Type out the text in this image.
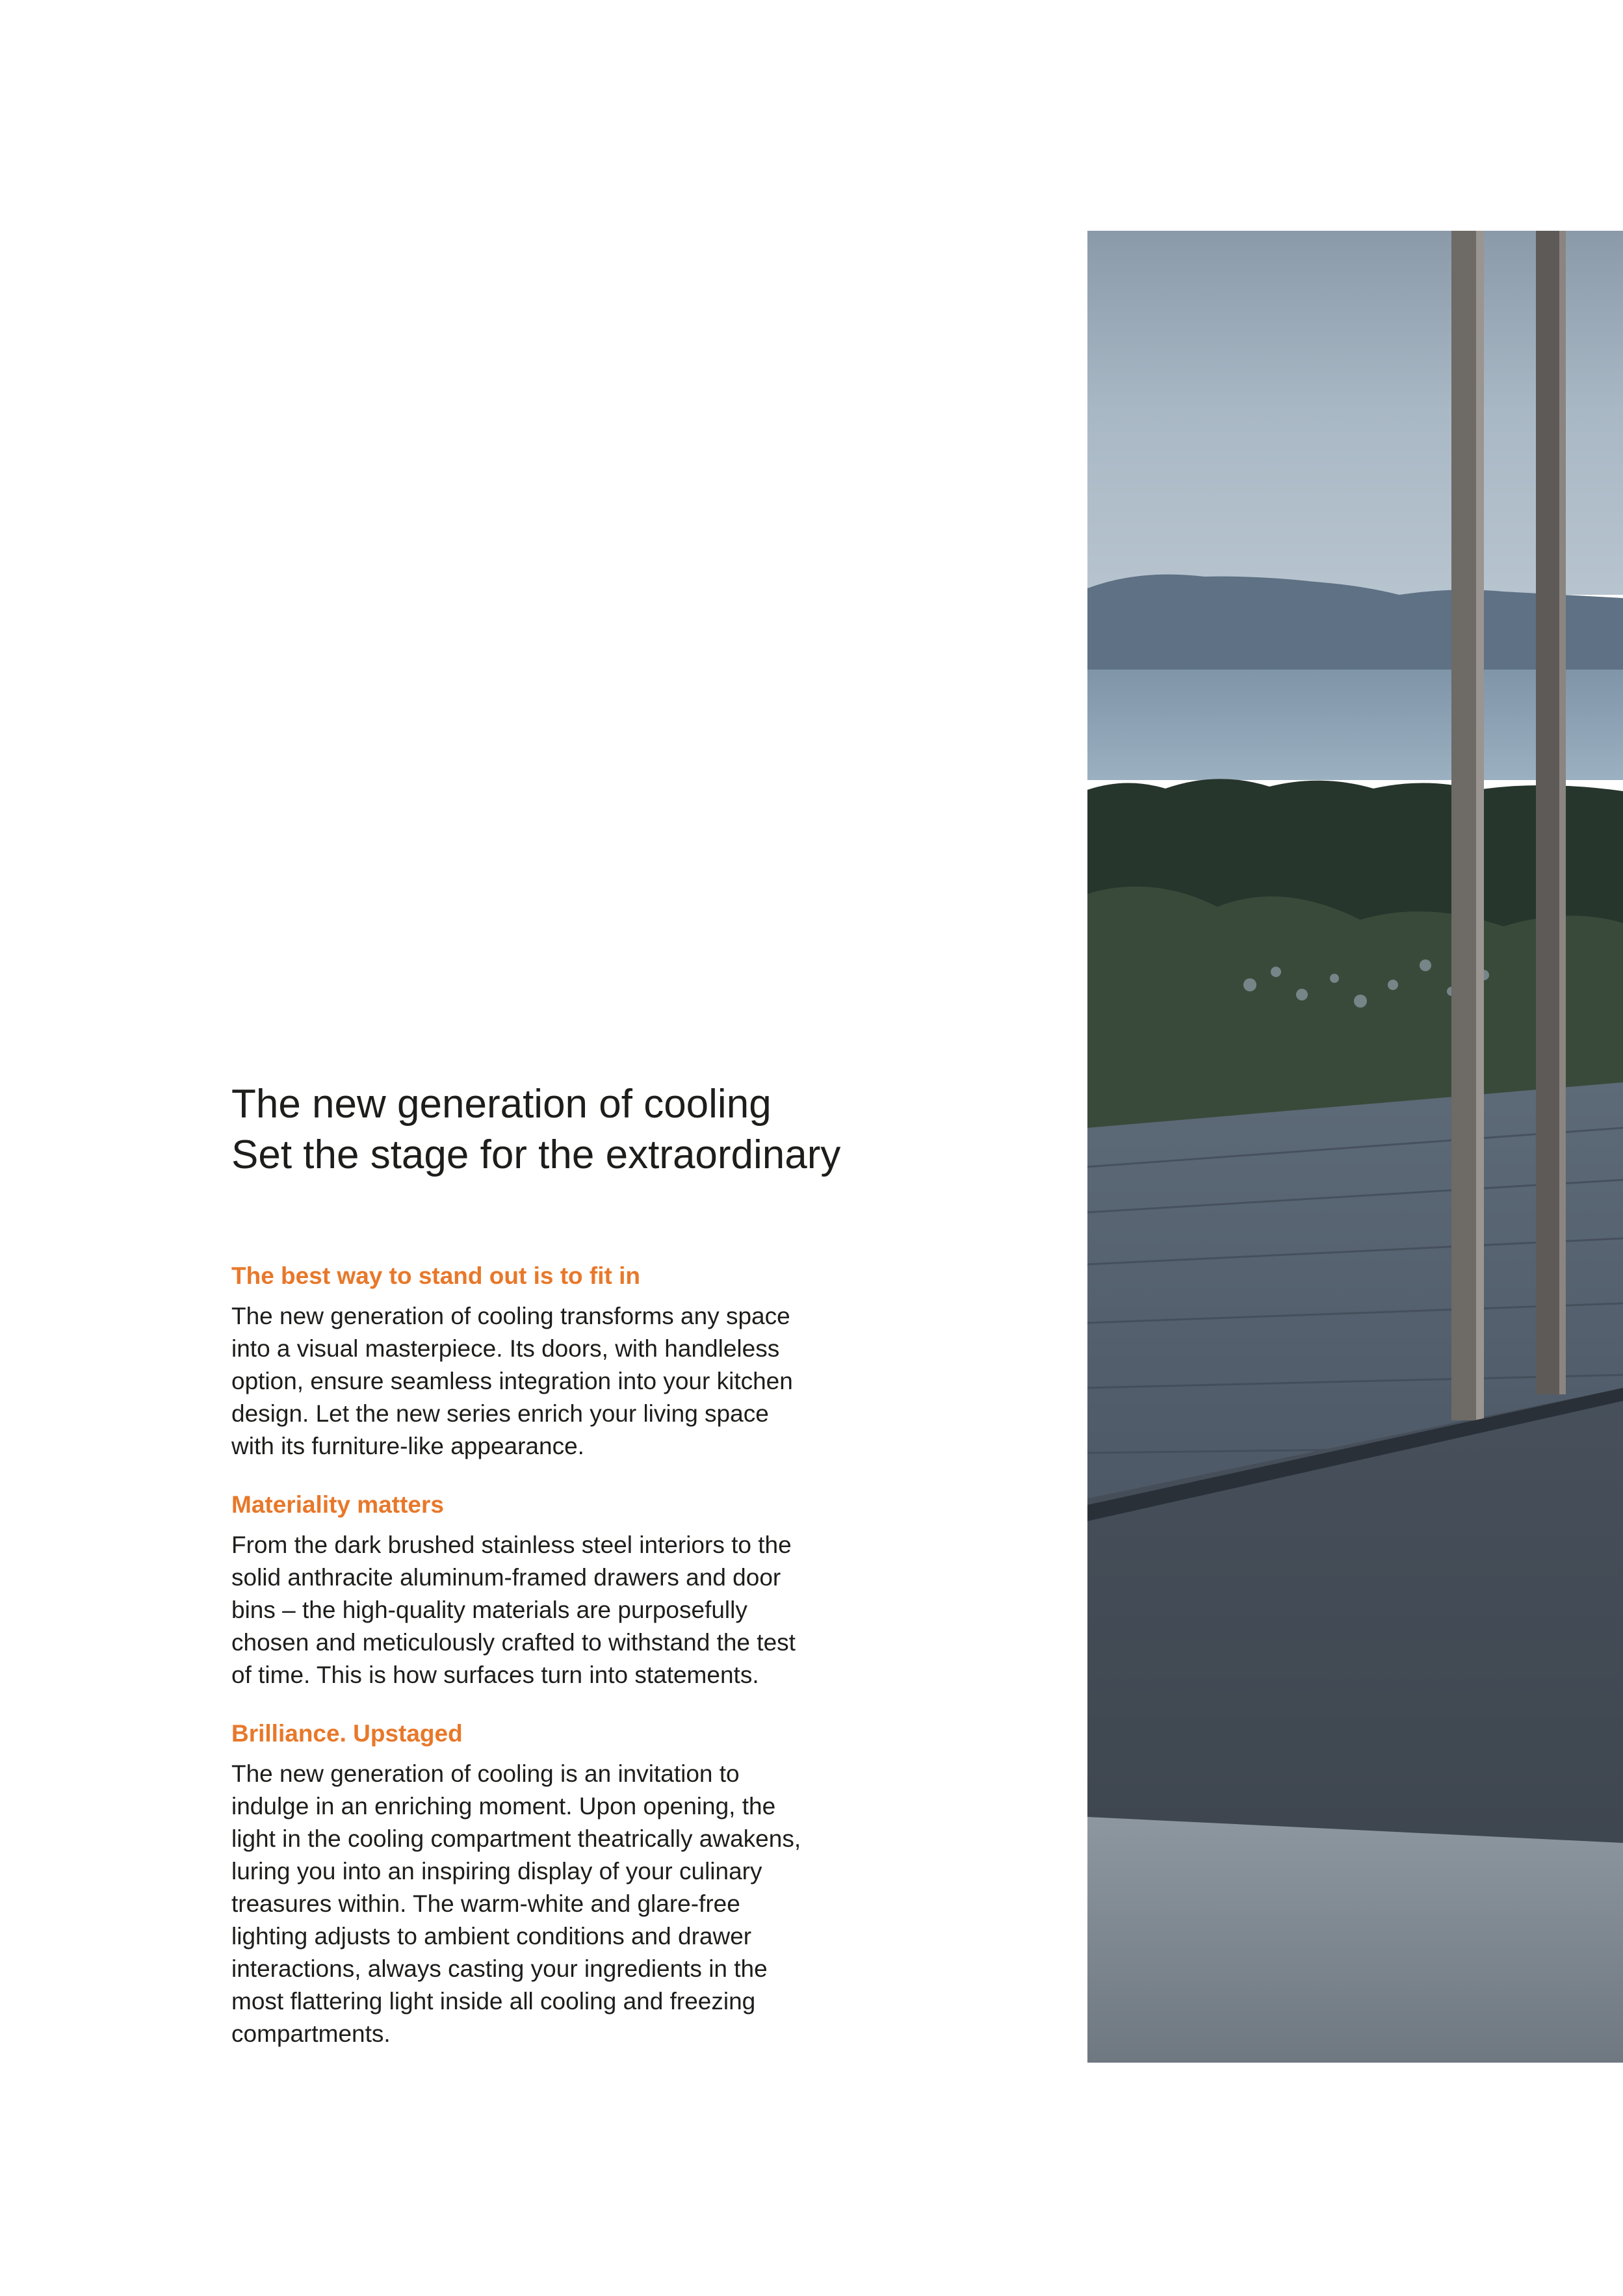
The new generation of cooling
Set the stage for the extraordinary
The best way to stand out is to fit in

The new generation of cooling transforms any space into a visual masterpiece. Its doors, with handleless option, ensure seamless integration into your kitchen design. Let the new series enrich your living space with its furniture-like appearance.

Materiality matters

From the dark brushed stainless steel interiors to the solid anthracite aluminum-framed drawers and door bins – the high-quality materials are purposefully chosen and meticulously crafted to withstand the test of time. This is how surfaces turn into statements.

Brilliance. Upstaged

The new generation of cooling is an invitation to indulge in an enriching moment. Upon opening, the light in the cooling compartment theatrically awakens, luring you into an inspiring display of your culinary treasures within. The warm-white and glare-free lighting adjusts to ambient conditions and drawer interactions, always casting your ingredients in the most flattering light inside all cooling and freezing compartments.
